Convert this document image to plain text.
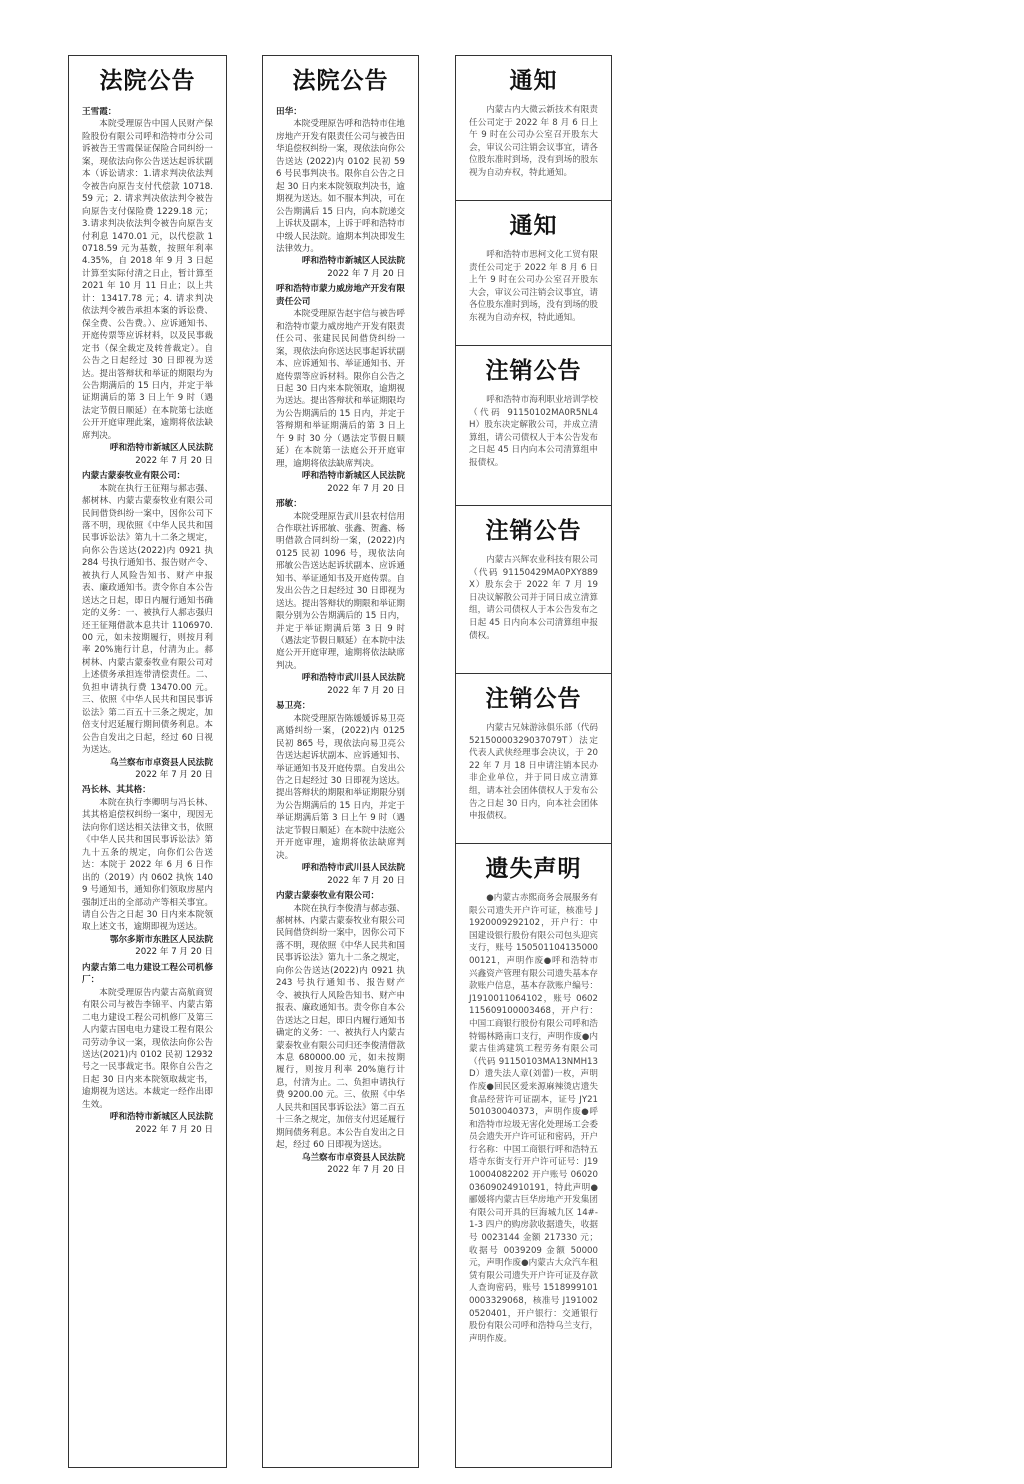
法院公告
王雪霞：
本院受理原告中国人民财产保险股份有限公司呼和浩特市分公司诉被告王雪霞保证保险合同纠纷一案，现依法向你公告送达起诉状副本（诉讼请求：1.请求判决依法判令被告向原告支付代偿款 10718.59 元；2. 请求判决依法判令被告向原告支付保险费 1229.18 元；3.请求判决依法判令被告向原告支付利息 1470.01 元，以代偿款 10718.59 元为基数，按照年利率 4.35%，自 2018 年 9 月 3 日起计算至实际付清之日止，暂计算至 2021 年 10 月 11 日止；以上共计：13417.78 元；4. 请求判决依法判令被告承担本案的诉讼费、保全费、公告费。）、应诉通知书、开庭传票等应诉材料，以及民事裁定书（保全裁定及转普裁定）。自公告之日起经过 30 日即视为送达。提出答辩状和举证的期限均为公告期满后的 15 日内，并定于举证期满后的第 3 日上午 9 时（遇法定节假日顺延）在本院第七法庭公开开庭审理此案，逾期将依法缺席判决。
呼和浩特市新城区人民法院
2022 年 7 月 20 日
内蒙古蒙泰牧业有限公司：
本院在执行王征翔与郝志强、郝树林、内蒙古蒙泰牧业有限公司民间借贷纠纷一案中，因你公司下落不明，现依照《中华人民共和国民事诉讼法》第九十二条之规定，向你公告送达(2022)内 0921 执 284 号执行通知书、报告财产令、被执行人风险告知书、财产申报表、廉政通知书。责令你自本公告送达之日起，即日内履行通知书确定的义务：一、被执行人郝志强归还王征翔借款本息共计 1106970.00 元，如未按期履行，则按月利率 20%施行计息，付清为止。郝树林、内蒙古蒙泰牧业有限公司对上述债务承担连带清偿责任。二、负担申请执行费 13470.00 元。三、依照《中华人民共和国民事诉讼法》第二百五十三条之规定，加倍支付迟延履行期间债务利息。本公告自发出之日起，经过 60 日视为送达。
乌兰察布市卓资县人民法院
2022 年 7 月 20 日
冯长林、其其格：
本院在执行李卿明与冯长林、其其格追偿权纠纷一案中，现因无法向你们送达相关法律文书，依照《中华人民共和国民事诉讼法》第九十五条的规定，向你们公告送达：本院于 2022 年 6 月 6 日作出的（2019）内 0602 执恢 1409 号通知书，通知你们领取房屋内强制迁出的全部动产等相关事宜。请自公告之日起 30 日内来本院领取上述文书，逾期即视为送达。
鄂尔多斯市东胜区人民法院
2022 年 7 月 20 日
内蒙古第二电力建设工程公司机修厂：
本院受理原告内蒙古高航商贸有限公司与被告李锦平、内蒙古第二电力建设工程公司机修厂及第三人内蒙古国电电力建设工程有限公司劳动争议一案，现依法向你公告送达(2021)内 0102 民初 12932 号之一民事裁定书。限你自公告之日起 30 日内来本院领取裁定书，逾期视为送达。本裁定一经作出即生效。
呼和浩特市新城区人民法院
2022 年 7 月 20 日
法院公告
田华：
本院受理原告呼和浩特市住地房地产开发有限责任公司与被告田华追偿权纠纷一案，现依法向你公告送达 (2022)内 0102 民初 596 号民事判决书。限你自公告之日起 30 日内来本院领取判决书，逾期视为送达。如不服本判决，可在公告期满后 15 日内，向本院递交上诉状及副本，上诉于呼和浩特市中级人民法院。逾期本判决即发生法律效力。
呼和浩特市新城区人民法院
2022 年 7 月 20 日
呼和浩特市蒙力威房地产开发有限责任公司
本院受理原告赵宇信与被告呼和浩特市蒙力威房地产开发有限责任公司、张建民民间借贷纠纷一案，现依法向你送达民事起诉状副本、应诉通知书、举证通知书、开庭传票等应诉材料。限你自公告之日起 30 日内来本院领取，逾期视为送达。提出答辩状和举证期限均为公告期满后的 15 日内，并定于答辩期和举证期满后的第 3 日上午 9 时 30 分（遇法定节假日顺延）在本院第一法庭公开开庭审理，逾期将依法缺席判决。
呼和浩特市新城区人民法院
2022 年 7 月 20 日
邢敏：
本院受理原告武川县农村信用合作联社诉邢敏、张鑫、贺鑫、杨明借款合同纠纷一案，(2022)内 0125 民初 1096 号，现依法向邢敏公告送达起诉状副本、应诉通知书、举证通知书及开庭传票。自发出公告之日起经过 30 日即视为送达。提出答辩状的期限和举证期限分别为公告期满后的 15 日内，并定于举证期满后第 3 日 9 时（遇法定节假日顺延）在本院中法庭公开开庭审理，逾期将依法缺席判决。
呼和浩特市武川县人民法院
2022 年 7 月 20 日
易卫亮：
本院受理原告陈媛媛诉易卫亮离婚纠纷一案，(2022)内 0125 民初 865 号，现依法向易卫亮公告送达起诉状副本、应诉通知书、举证通知书及开庭传票。自发出公告之日起经过 30 日即视为送达。提出答辩状的期限和举证期限分别为公告期满后的 15 日内，并定于举证期满后第 3 日上午 9 时（遇法定节假日顺延）在本院中法庭公开开庭审理，逾期将依法缺席判决。
呼和浩特市武川县人民法院
2022 年 7 月 20 日
内蒙古蒙泰牧业有限公司：
本院在执行李俊清与郝志强、郝树林、内蒙古蒙泰牧业有限公司民间借贷纠纷一案中，因你公司下落不明，现依照《中华人民共和国民事诉讼法》第九十二条之规定，向你公告送达(2022)内 0921 执 243 号执行通知书、报告财产令、被执行人风险告知书、财产申报表、廉政通知书。责令你自本公告送达之日起，即日内履行通知书确定的义务：一、被执行人内蒙古蒙泰牧业有限公司归还李俊清借款本息 680000.00 元，如未按期履行，则按月利率 20%施行计息，付清为止。二、负担申请执行费 9200.00 元。三、依照《中华人民共和国民事诉讼法》第二百五十三条之规定，加倍支付迟延履行期间债务利息。本公告自发出之日起，经过 60 日即视为送达。
乌兰察布市卓资县人民法院
2022 年 7 月 20 日
通知
内蒙古内大微云新技术有限责任公司定于 2022 年 8 月 6 日上午 9 时在公司办公室召开股东大会，审议公司注销会议事宜，请各位股东准时到场，没有到场的股东视为自动弃权，特此通知。
通知
呼和浩特市思柯文化工贸有限责任公司定于 2022 年 8 月 6 日上午 9 时在公司办公室召开股东大会，审议公司注销会议事宜，请各位股东准时到场，没有到场的股东视为自动弃权，特此通知。
注销公告
呼和浩特市海利职业培训学校（代码 91150102MA0R5NL4H）股东决定解散公司，并成立清算组，请公司债权人于本公告发布之日起 45 日内向本公司清算组申报债权。
注销公告
内蒙古兴辉农业科技有限公司（代码 91150429MA0PXY889X）股东会于 2022 年 7 月 19 日决议解散公司并于同日成立清算组，请公司债权人于本公告发布之日起 45 日内向本公司清算组申报债权。
注销公告
内蒙古兄妹游泳俱乐部（代码 52150000329037079T）法定代表人武侠经理事会决议，于 2022 年 7 月 18 日申请注销本民办非企业单位，并于同日成立清算组，请本社会团体债权人于发布公告之日起 30 日内，向本社会团体申报债权。
遗失声明
●内蒙古赤熙商务会展服务有限公司遗失开户许可证，核准号 J1920009292102，开户行：中国建设银行股份有限公司包头迎宾支行，账号 15050110413500000121，声明作废●呼和浩特市兴鑫资产管理有限公司遗失基本存款账户信息，基本存款账户编号：J1910011064102，账号 0602115609100003468，开户行：中国工商银行股份有限公司呼和浩特锡林路南口支行，声明作废●内蒙古佳鸿建筑工程劳务有限公司（代码 91150103MA13NMH13D）遗失法人章(刘蕾)一枚，声明作废●回民区爱来源麻辣烫店遗失食品经营许可证副本，证号 JY21501030040373，声明作废●呼和浩特市垃圾无害化处理场工会委员会遗失开户许可证和密码，开户行名称：中国工商银行呼和浩特五塔寺东街支行开户许可证号：J1910004082202 开户账号 0602003609024910191，特此声明●郦媛将内蒙古巨华房地产开发集团有限公司开具的巨海城九区 14#-1-3 四户的购房款收据遗失，收据号 0023144 金额 217330 元；收据号 0039209 金额 50000 元，声明作废●内蒙古大众汽车租赁有限公司遗失开户许可证及存款人查询密码，账号 15189991010003329068，核准号 J1910020520401，开户银行：交通银行股份有限公司呼和浩特乌兰支行，声明作废。
